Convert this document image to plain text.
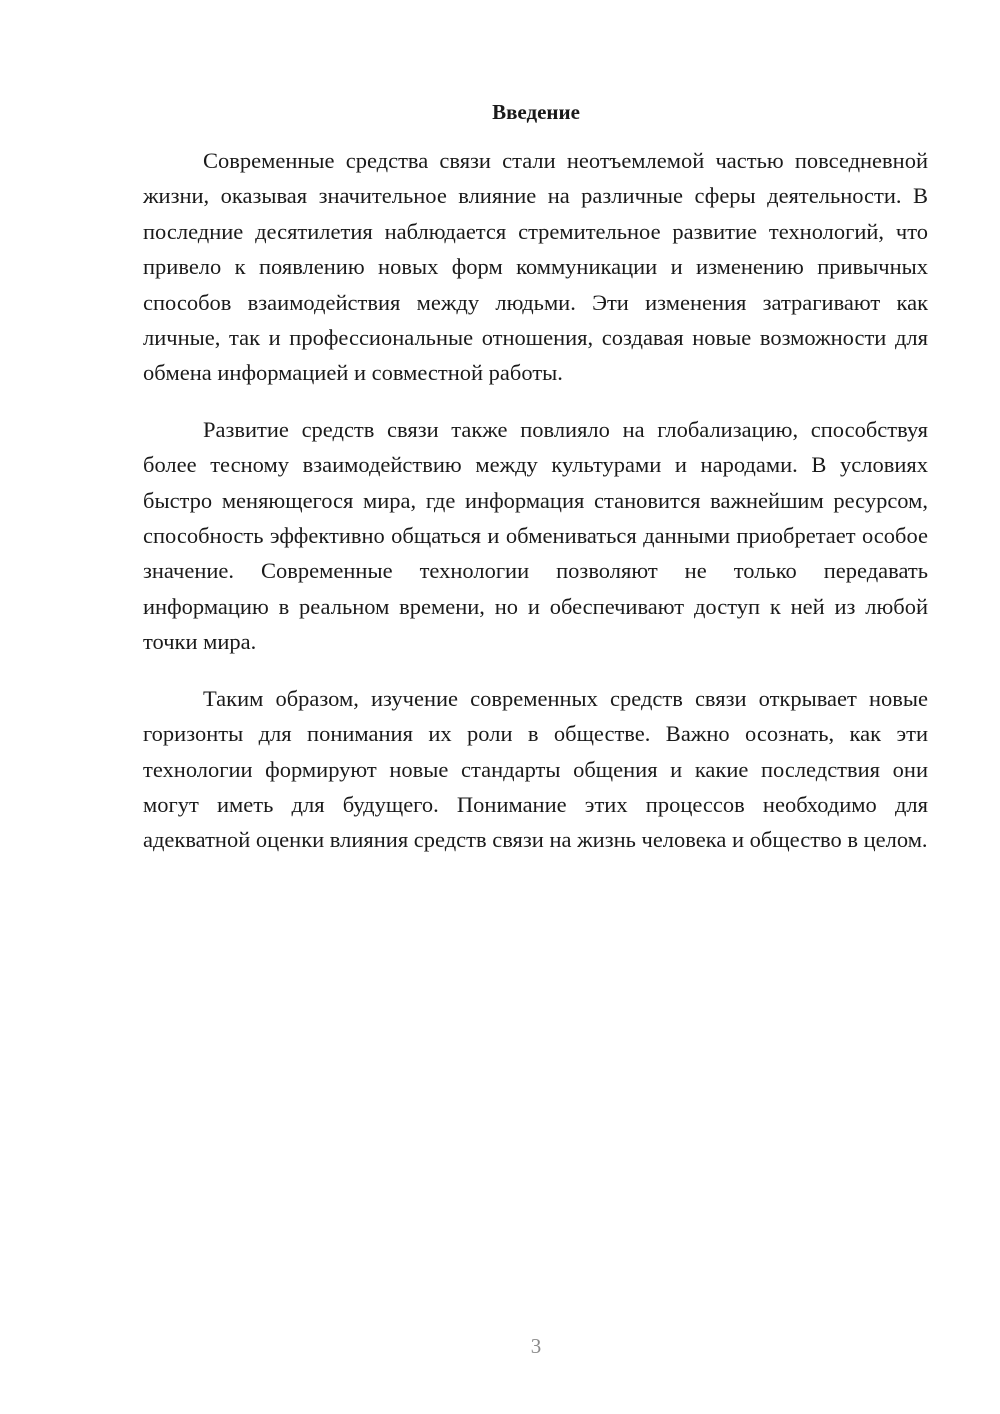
Введение

Современные средства связи стали неотъемлемой частью повседневной жизни, оказывая значительное влияние на различные сферы деятельности. В последние десятилетия наблюдается стремительное развитие технологий, что привело к появлению новых форм коммуникации и изменению привычных способов взаимодействия между людьми. Эти изменения затрагивают как личные, так и профессиональные отношения, создавая новые возможности для обмена информацией и совместной работы.

Развитие средств связи также повлияло на глобализацию, способствуя более тесному взаимодействию между культурами и народами. В условиях быстро меняющегося мира, где информация становится важнейшим ресурсом, способность эффективно общаться и обмениваться данными приобретает особое значение. Современные технологии позволяют не только передавать информацию в реальном времени, но и обеспечивают доступ к ней из любой точки мира.

Таким образом, изучение современных средств связи открывает новые горизонты для понимания их роли в обществе. Важно осознать, как эти технологии формируют новые стандарты общения и какие последствия они могут иметь для будущего. Понимание этих процессов необходимо для адекватной оценки влияния средств связи на жизнь человека и общество в целом.

3
